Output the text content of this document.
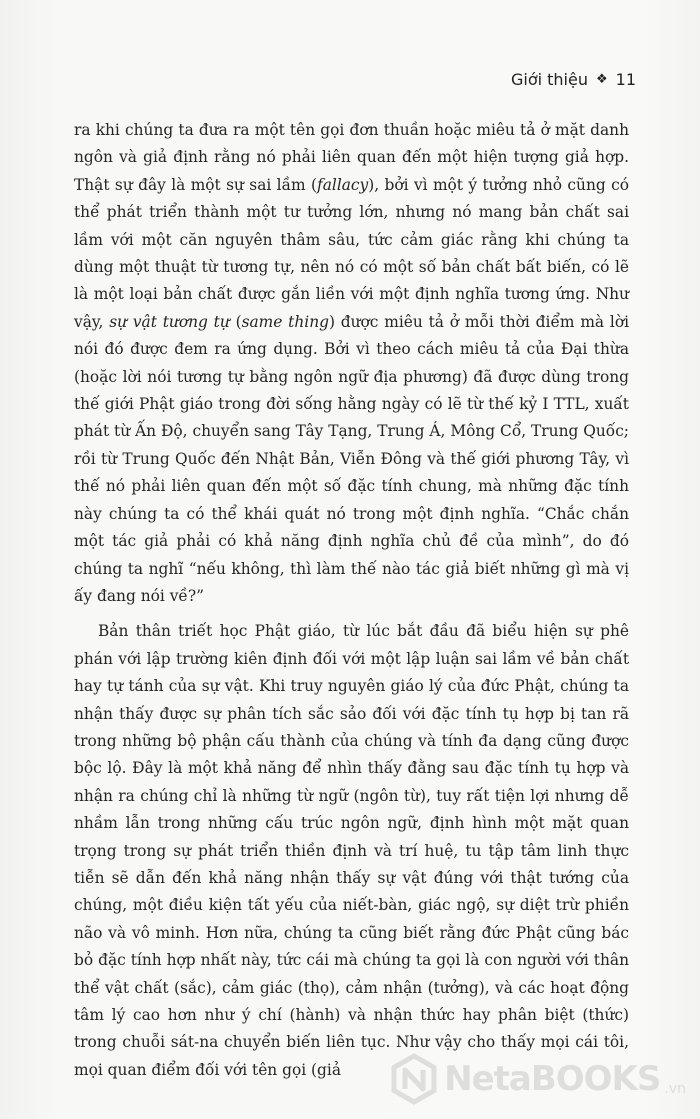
Giới thiệu ❖ 11

ra khi chúng ta đưa ra một tên gọi đơn thuần hoặc miêu tả ở mặt danh ngôn và giả định rằng nó phải liên quan đến một hiện tượng giả hợp. Thật sự đây là một sự sai lầm (fallacy), bởi vì một ý tưởng nhỏ cũng có thể phát triển thành một tư tưởng lớn, nhưng nó mang bản chất sai lầm với một căn nguyên thâm sâu, tức cảm giác rằng khi chúng ta dùng một thuật từ tương tự, nên nó có một số bản chất bất biến, có lẽ là một loại bản chất được gắn liền với một định nghĩa tương ứng. Như vậy, sự vật tương tự (same thing) được miêu tả ở mỗi thời điểm mà lời nói đó được đem ra ứng dụng. Bởi vì theo cách miêu tả của Đại thừa (hoặc lời nói tương tự bằng ngôn ngữ địa phương) đã được dùng trong thế giới Phật giáo trong đời sống hằng ngày có lẽ từ thế kỷ I TTL, xuất phát từ Ấn Độ, chuyển sang Tây Tạng, Trung Á, Mông Cổ, Trung Quốc; rồi từ Trung Quốc đến Nhật Bản, Viễn Đông và thế giới phương Tây, vì thế nó phải liên quan đến một số đặc tính chung, mà những đặc tính này chúng ta có thể khái quát nó trong một định nghĩa. “Chắc chắn một tác giả phải có khả năng định nghĩa chủ đề của mình”, do đó chúng ta nghĩ “nếu không, thì làm thế nào tác giả biết những gì mà vị ấy đang nói về?”

Bản thân triết học Phật giáo, từ lúc bắt đầu đã biểu hiện sự phê phán với lập trường kiên định đối với một lập luận sai lầm về bản chất hay tự tánh của sự vật. Khi truy nguyên giáo lý của đức Phật, chúng ta nhận thấy được sự phân tích sắc sảo đối với đặc tính tụ hợp bị tan rã trong những bộ phận cấu thành của chúng và tính đa dạng cũng được bộc lộ. Đây là một khả năng để nhìn thấy đằng sau đặc tính tụ hợp và nhận ra chúng chỉ là những từ ngữ (ngôn từ), tuy rất tiện lợi nhưng dễ nhầm lẫn trong những cấu trúc ngôn ngữ, định hình một mặt quan trọng trong sự phát triển thiền định và trí huệ, tu tập tâm linh thực tiễn sẽ dẫn đến khả năng nhận thấy sự vật đúng với thật tướng của chúng, một điều kiện tất yếu của niết-bàn, giác ngộ, sự diệt trừ phiền não và vô minh. Hơn nữa, chúng ta cũng biết rằng đức Phật cũng bác bỏ đặc tính hợp nhất này, tức cái mà chúng ta gọi là con người với thân thể vật chất (sắc), cảm giác (thọ), cảm nhận (tưởng), và các hoạt động tâm lý cao hơn như ý chí (hành) và nhận thức hay phân biệt (thức) trong chuỗi sát-na chuyển biến liên tục. Như vậy cho thấy mọi cái tôi, mọi quan điểm đối với tên gọi (giả	NetaBOOKS .vn
